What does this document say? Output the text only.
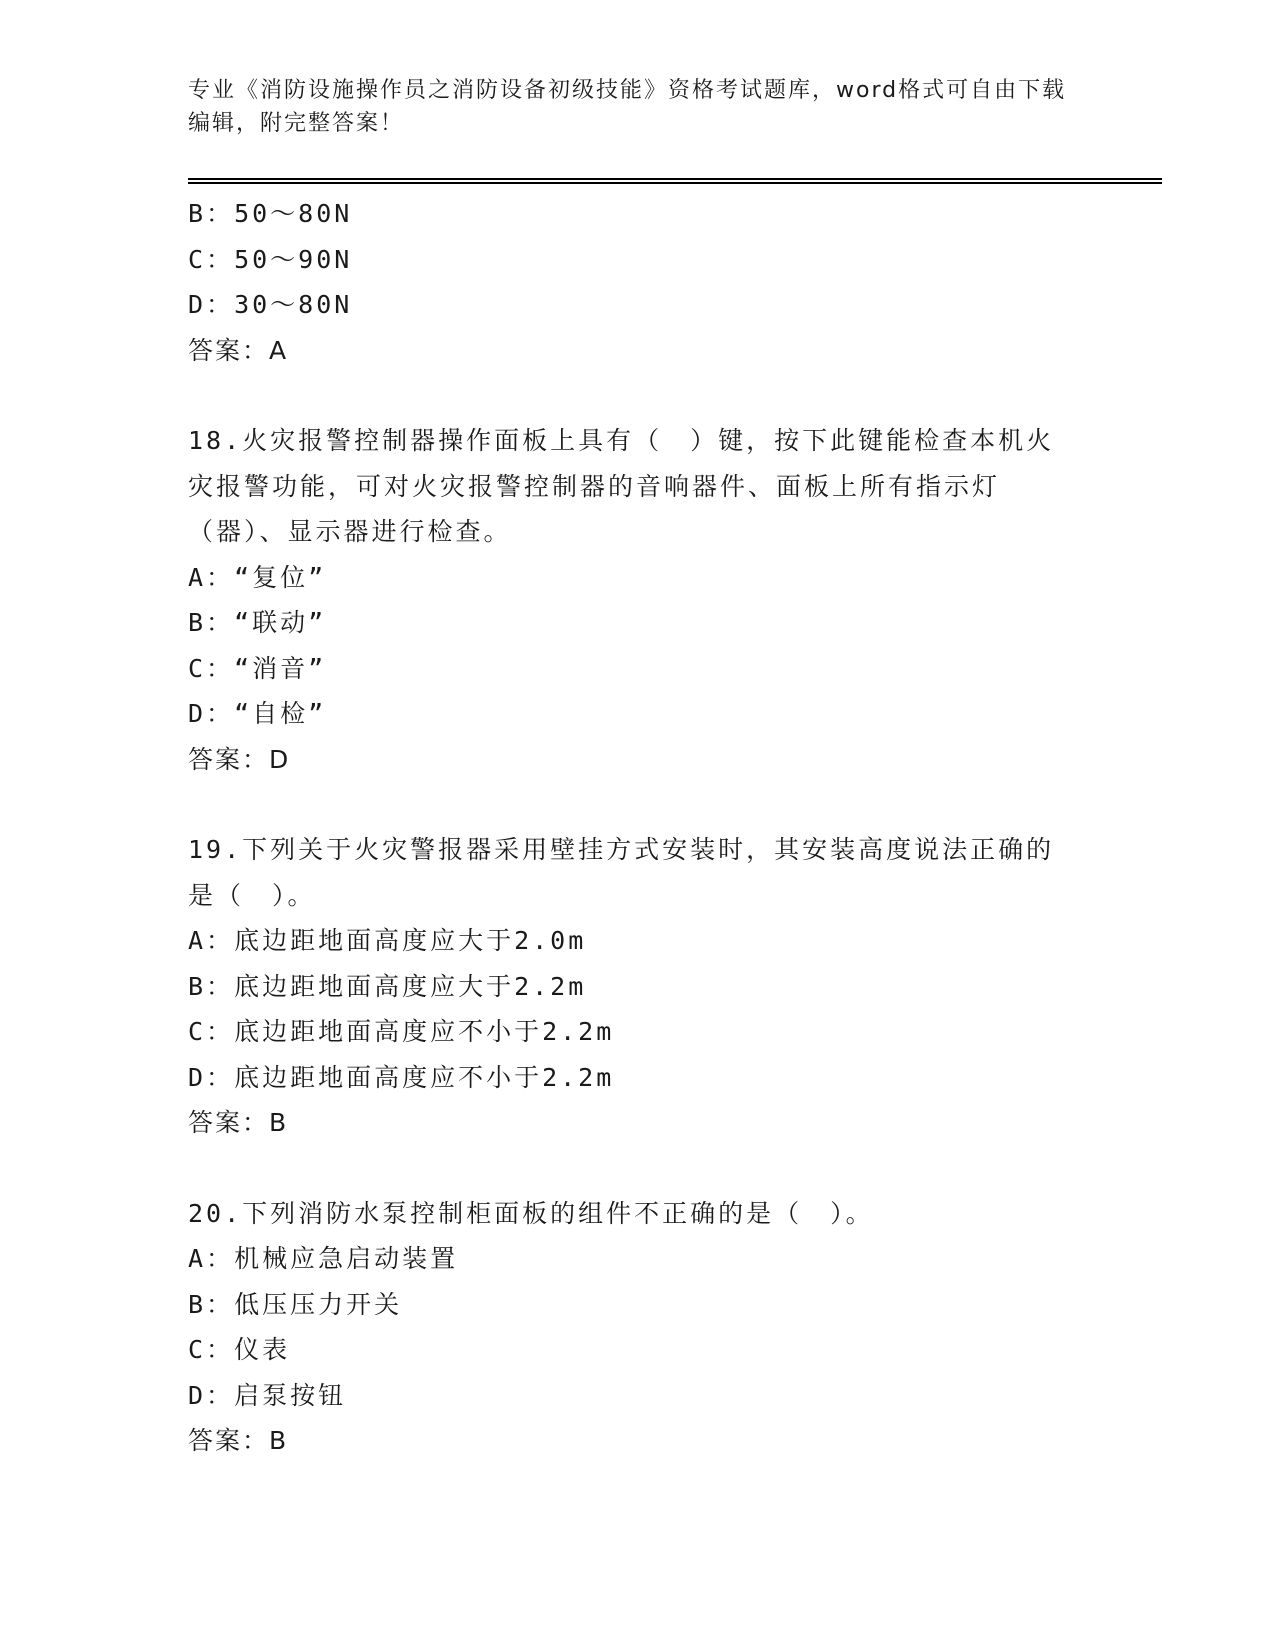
专业《消防设施操作员之消防设备初级技能》资格考试题库，word格式可自由下载编辑，附完整答案！
B：50～80N
C：50～90N
D：30～80N
答案：A
18.火灾报警控制器操作面板上具有（　）键，按下此键能检查本机火灾报警功能，可对火灾报警控制器的音响器件、面板上所有指示灯（器）、显示器进行检查。
A：“复位”
B：“联动”
C：“消音”
D：“自检”
答案：D
19.下列关于火灾警报器采用壁挂方式安装时，其安装高度说法正确的是（　）。
A：底边距地面高度应大于2.0m
B：底边距地面高度应大于2.2m
C：底边距地面高度应不小于2.2m
D：底边距地面高度应不小于2.2m
答案：B
20.下列消防水泵控制柜面板的组件不正确的是（　）。
A：机械应急启动装置
B：低压压力开关
C：仪表
D：启泵按钮
答案：B
